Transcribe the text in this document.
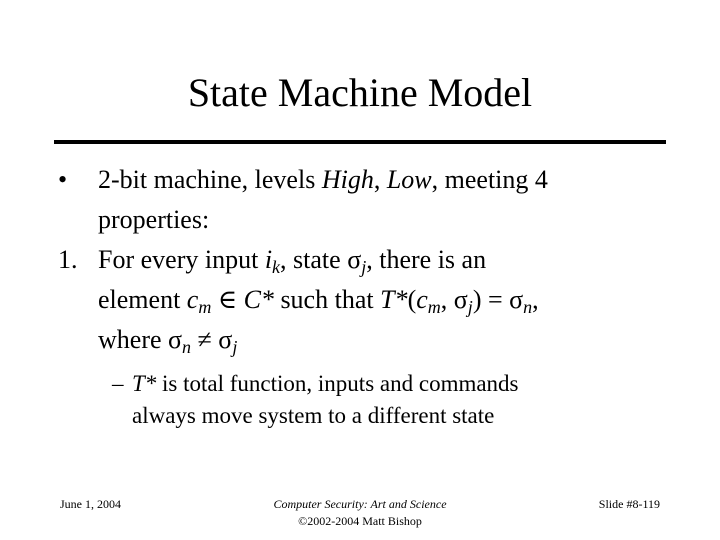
State Machine Model
• 2-bit machine, levels High, Low, meeting 4
properties:
1. For every input $i_k$, state $\sigma_j$, there is an
element $c_m$ ∈ C* such that $T*(c_m$, $\sigma_j) = \sigma_n$,
where $\sigma_n \ne \sigma_j$
– T* is total function, inputs and commands
always move system to a different state
June 1, 2004	Computer Security: Art and Science
©2002-2004 Matt Bishop
Slide #8-119
